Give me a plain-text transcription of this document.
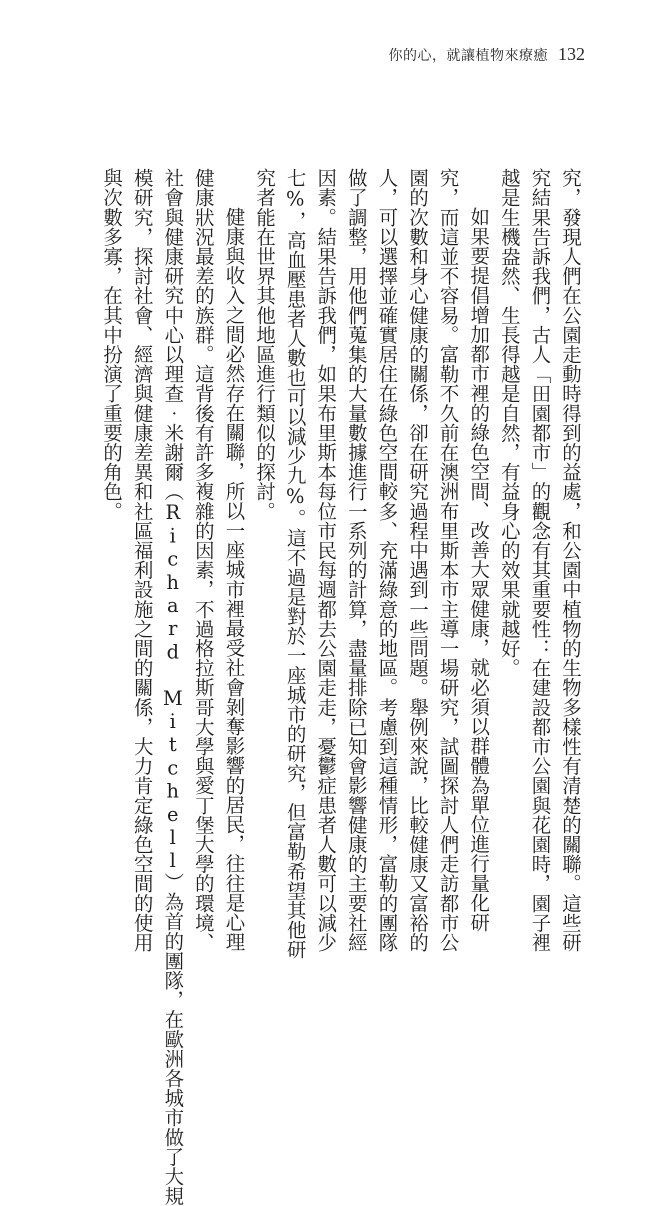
你的心，就讓植物來療癒 132
究，發現人們在公園走動時得到的益處，和公園中植物的生物多樣性有清楚的關聯。這些研
究結果告訴我們，古人「田園都市」的觀念有其重要性：在建設都市公園與花園時，園子裡
越是生機盎然、生長得越是自然，有益身心的效果就越好。
如果要提倡增加都市裡的綠色空間、改善大眾健康，就必須以群體為單位進行量化研
究，而這並不容易。富勒不久前在澳洲布里斯本市主導一場研究，試圖探討人們走訪都市公
園的次數和身心健康的關係，卻在研究過程中遇到一些問題。舉例來說，比較健康又富裕的
人，可以選擇並確實居住在綠色空間較多、充滿綠意的地區。考慮到這種情形，富勒的團隊
做了調整，用他們蒐集的大量數據進行一系列的計算，盡量排除已知會影響健康的主要社經
因素。結果告訴我們，如果布里斯本每位市民每週都去公園走走，憂鬱症患者人數可以減少
七%，高血壓患者人數也可以減少九%。這不過是對於一座城市的研究，但富勒希望其他研
究者能在世界其他地區進行類似的探討。
健康與收入之間必然存在關聯，所以一座城市裡最受社會剝奪影響的居民，往往是心理
健康狀況最差的族群。這背後有許多複雜的因素，不過格拉斯哥大學與愛丁堡大學的環境、
社會與健康研究中心以理查‧米謝爾（Richard Mitchell）為首的團隊，在歐洲各城市做了大規
模研究，探討社會、經濟與健康差異和社區福利設施之間的關係，大力肯定綠色空間的使用
與次數多寡，在其中扮演了重要的角色。
